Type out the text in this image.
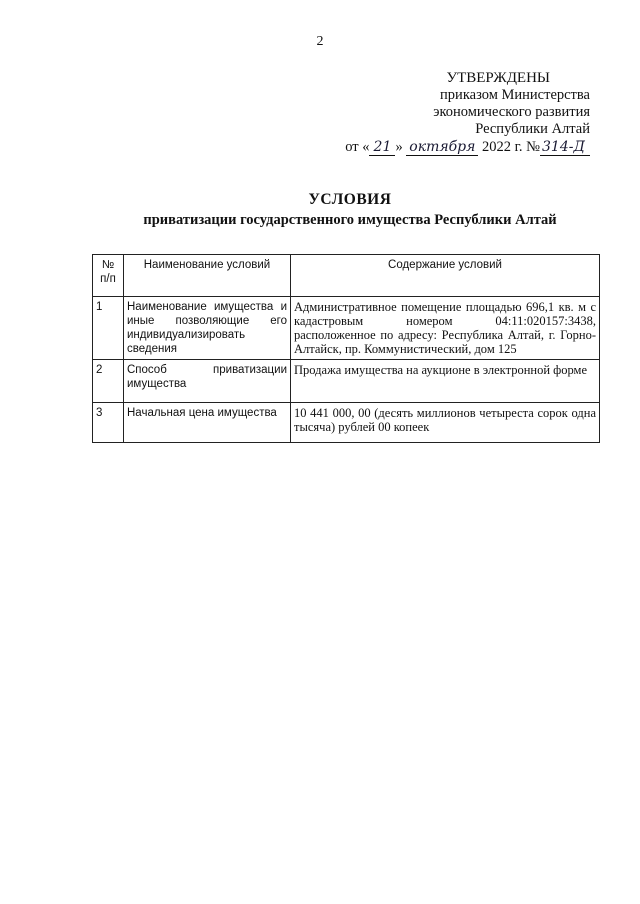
2
УТВЕРЖДЕНЫ
приказом Министерства
экономического развития
Республики Алтай
от « 21 » октября 2022 г. № 314-Д
УСЛОВИЯ
приватизации государственного имущества Республики Алтай
№ п/п	Наименование условий	Содержание условий
1	Наименование имущества и иные позволяющие его индивидуализировать сведения	Административное помещение площадью 696,1 кв. м с кадастровым номером 04:11:020157:3438, расположенное по адресу: Республика Алтай, г. Горно-Алтайск, пр. Коммунистический, дом 125
2	Способ приватизации имущества	Продажа имущества на аукционе в электронной форме
3	Начальная цена имущества	10 441 000, 00 (десять миллионов четыреста сорок одна тысяча) рублей 00 копеек
